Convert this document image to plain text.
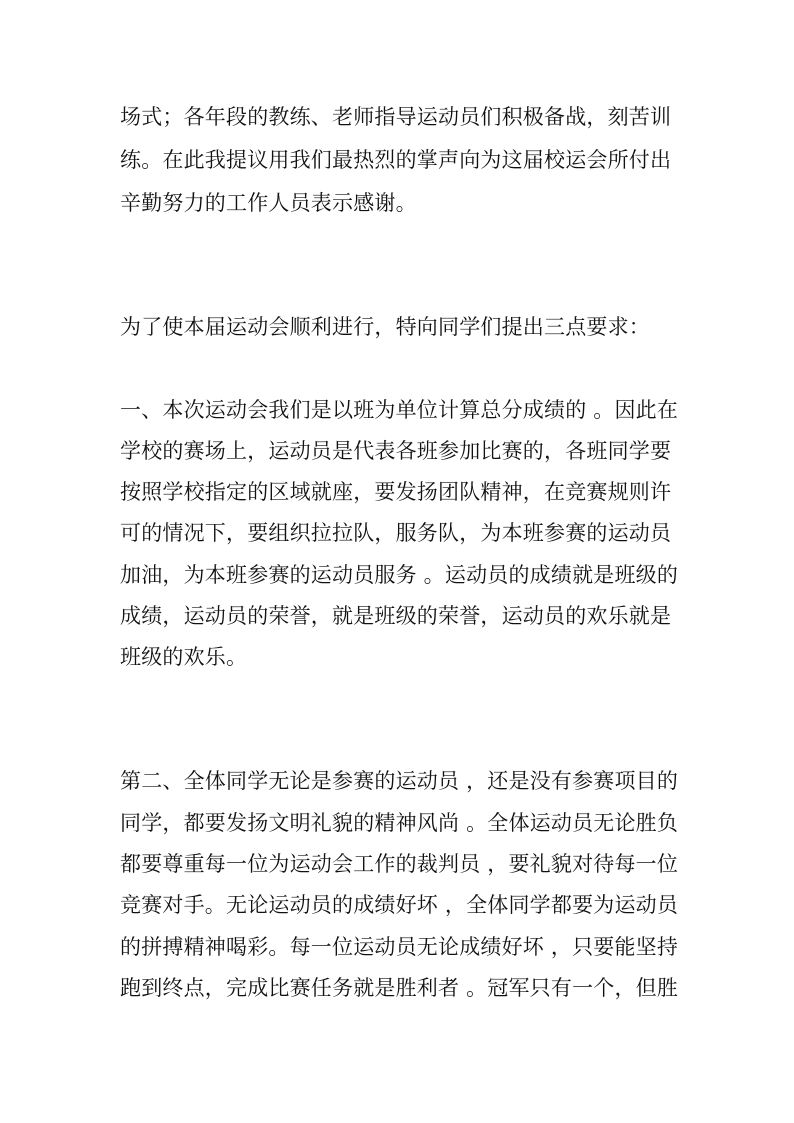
场式；各年段的教练、老师指导运动员们积极备战，刻苦训
练。在此我提议用我们最热烈的掌声向为这届校运会所付出
辛勤努力的工作人员表示感谢。
为了使本届运动会顺利进行，特向同学们提出三点要求：
一、本次运动会我们是以班为单位计算总分成绩的 。因此在
学校的赛场上，运动员是代表各班参加比赛的，各班同学要
按照学校指定的区域就座，要发扬团队精神，在竞赛规则许
可的情况下，要组织拉拉队，服务队，为本班参赛的运动员
加油，为本班参赛的运动员服务 。运动员的成绩就是班级的
成绩，运动员的荣誉，就是班级的荣誉，运动员的欢乐就是
班级的欢乐。
第二、全体同学无论是参赛的运动员 ，还是没有参赛项目的
同学，都要发扬文明礼貌的精神风尚 。全体运动员无论胜负
都要尊重每一位为运动会工作的裁判员 ，要礼貌对待每一位
竞赛对手。无论运动员的成绩好坏 ，全体同学都要为运动员
的拼搏精神喝彩。每一位运动员无论成绩好坏 ，只要能坚持
跑到终点，完成比赛任务就是胜利者 。冠军只有一个，但胜
